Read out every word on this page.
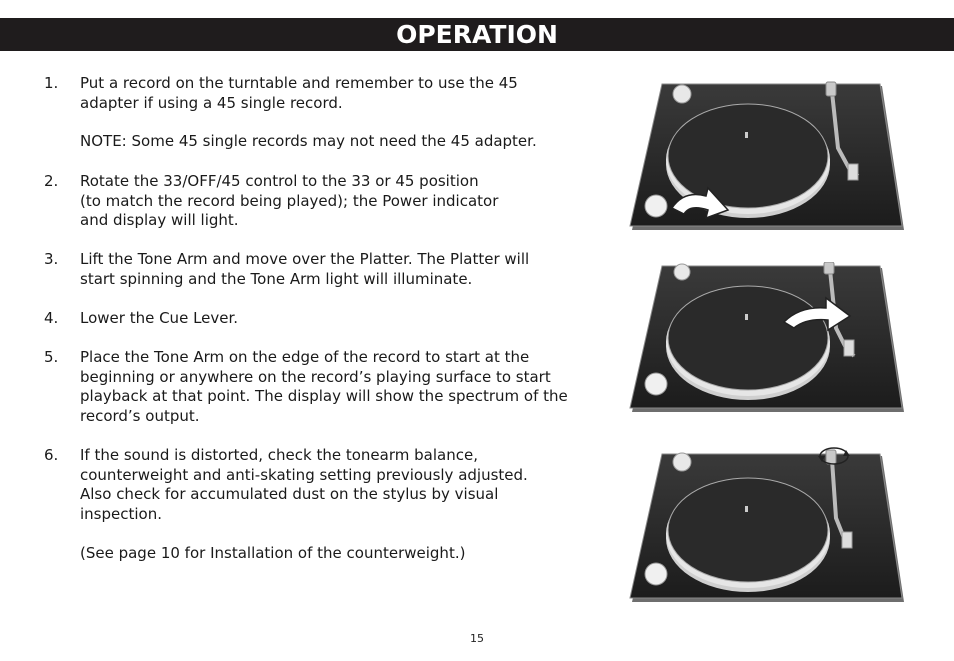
OPERATION
1.	Put a record on the turntable and remember to use the 45
adapter if using a 45 single record.
NOTE: Some 45 single records may not need the 45 adapter.
2.	Rotate the 33/OFF/45 control to the 33 or 45 position
(to match the record being played); the Power indicator
and display will light.
3.	Lift the Tone Arm and move over the Platter. The Platter will
start spinning and the Tone Arm light will illuminate.
4.	Lower the Cue Lever.
5.	Place the Tone Arm on the edge of the record to start at the
beginning or anywhere on the record’s playing surface to start
playback at that point. The display will show the spectrum of the
record’s output.
6.	If the sound is distorted, check the tonearm balance,
counterweight and anti-skating setting previously adjusted.
Also check for accumulated dust on the stylus by visual
inspection.
(See page 10 for Installation of the counterweight.)
15
